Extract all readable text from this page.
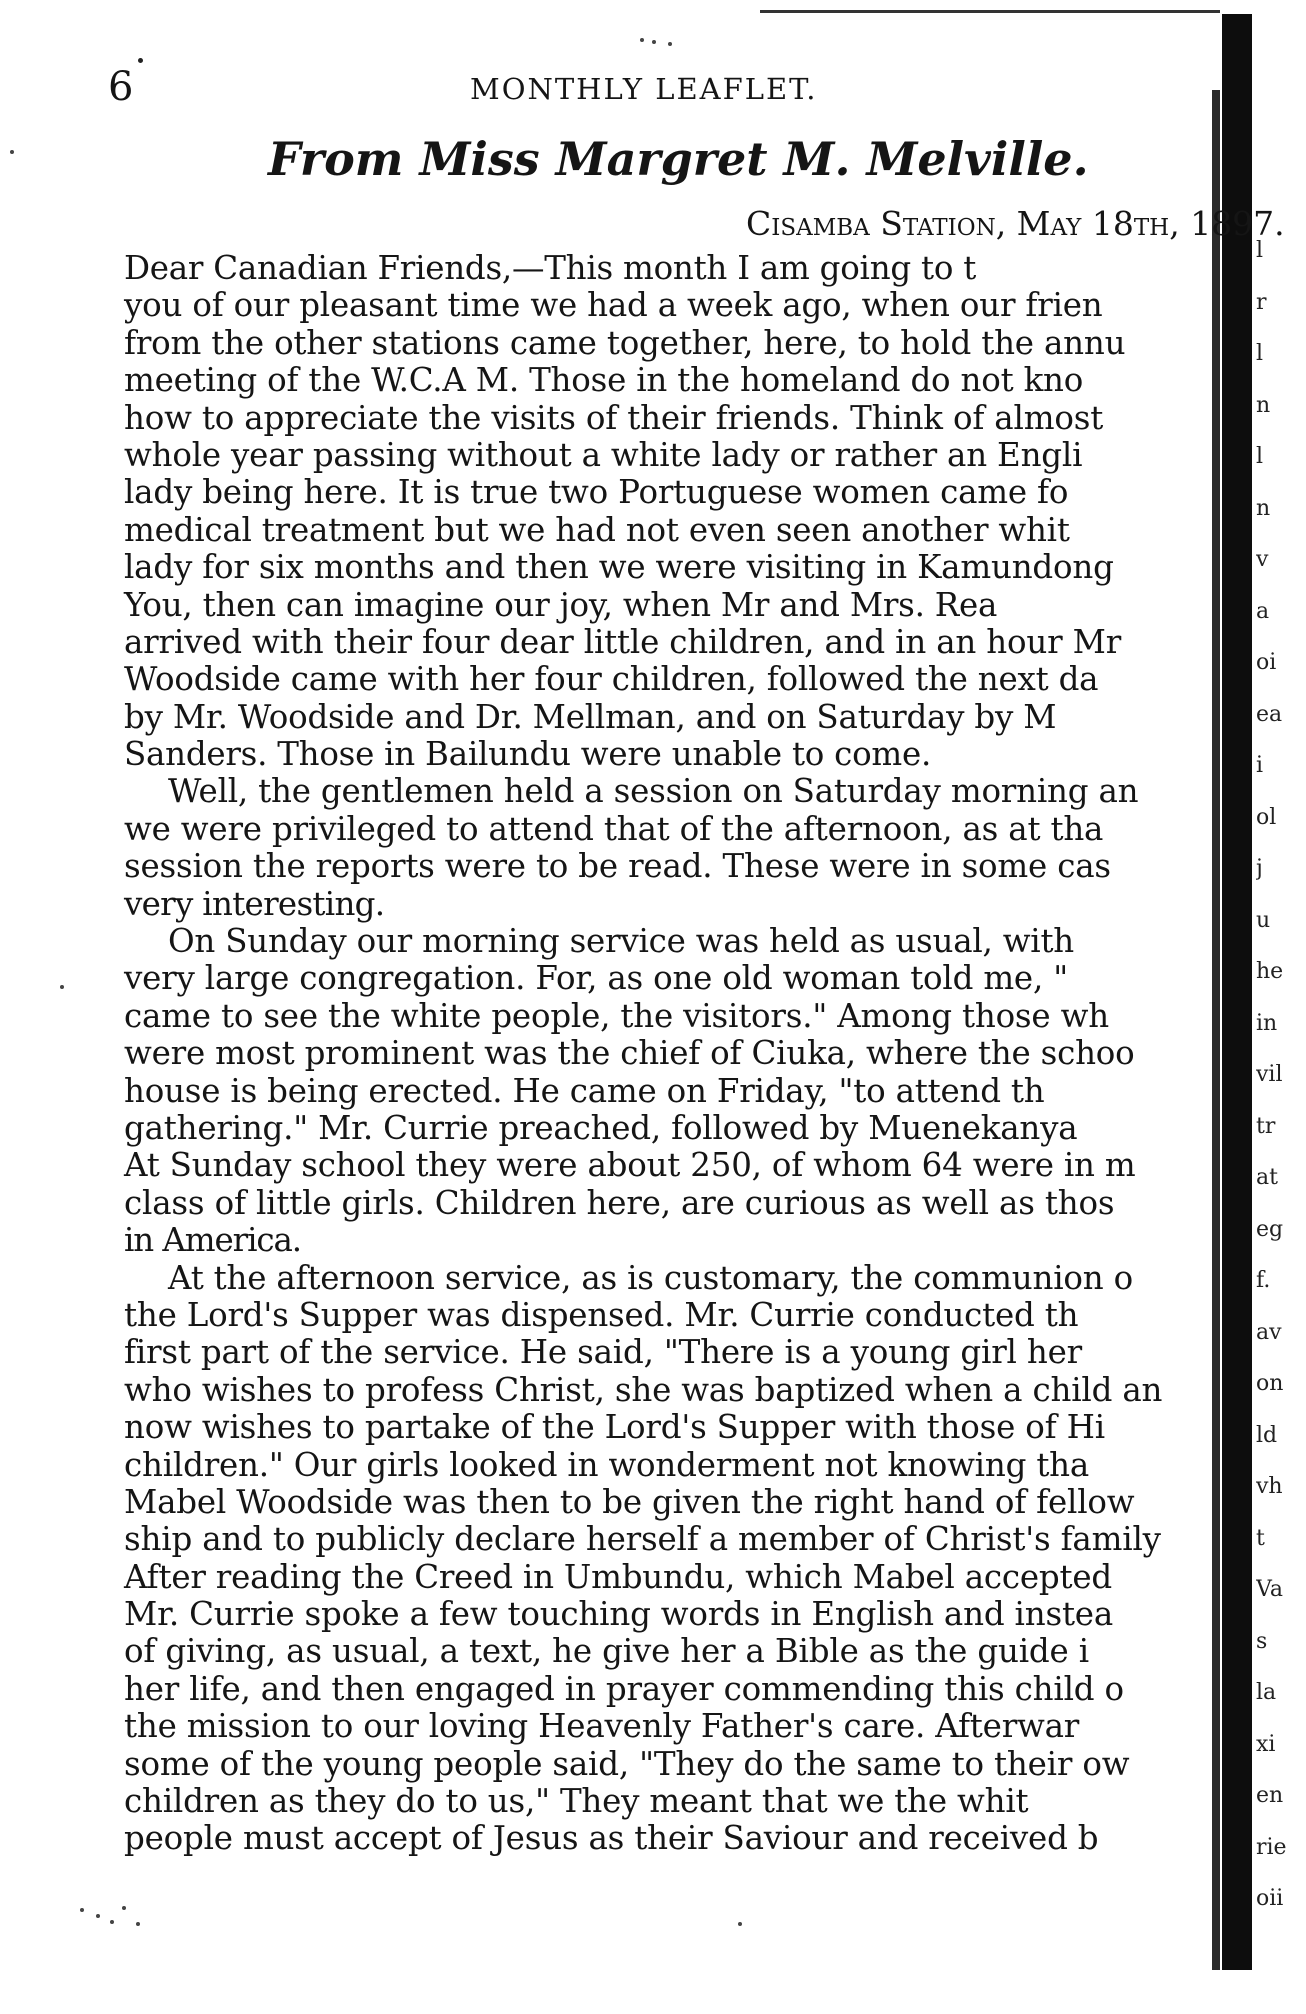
l
r
l
n
l
n
v
a
oi
ea
i
ol
j
u
he
in
vil
tr
at
eg
f.
av
on
ld
vh
t
Va
s
la
xi
en
rie
oii
6	MONTHLY LEAFLET.
From Miss Margret M. Melville.
Cisamba Station, May 18th, 1897.
Dear Canadian Friends,—This month I am going to t
you of our pleasant time we had a week ago, when our frien
from the other stations came together, here, to hold the annu
meeting of the W.C.A M. Those in the homeland do not kno
how to appreciate the visits of their friends. Think of almost
whole year passing without a white lady or rather an Engli
lady being here. It is true two Portuguese women came fo
medical treatment but we had not even seen another whit
lady for six months and then we were visiting in Kamundong
You, then can imagine our joy, when Mr and Mrs. Rea
arrived with their four dear little children, and in an hour Mr
Woodside came with her four children, followed the next da
by Mr. Woodside and Dr. Mellman, and on Saturday by M
Sanders. Those in Bailundu were unable to come.
Well, the gentlemen held a session on Saturday morning an
we were privileged to attend that of the afternoon, as at tha
session the reports were to be read. These were in some cas
very interesting.
On Sunday our morning service was held as usual, with
very large congregation. For, as one old woman told me, "
came to see the white people, the visitors." Among those wh
were most prominent was the chief of Ciuka, where the schoo
house is being erected. He came on Friday, "to attend th
gathering." Mr. Currie preached, followed by Muenekanya
At Sunday school they were about 250, of whom 64 were in m
class of little girls. Children here, are curious as well as thos
in America.
At the afternoon service, as is customary, the communion o
the Lord's Supper was dispensed. Mr. Currie conducted th
first part of the service. He said, "There is a young girl her
who wishes to profess Christ, she was baptized when a child an
now wishes to partake of the Lord's Supper with those of Hi
children." Our girls looked in wonderment not knowing tha
Mabel Woodside was then to be given the right hand of fellow
ship and to publicly declare herself a member of Christ's family
After reading the Creed in Umbundu, which Mabel accepted
Mr. Currie spoke a few touching words in English and instea
of giving, as usual, a text, he give her a Bible as the guide i
her life, and then engaged in prayer commending this child o
the mission to our loving Heavenly Father's care. Afterwar
some of the young people said, "They do the same to their ow
children as they do to us," They meant that we the whit
people must accept of Jesus as their Saviour and received b
